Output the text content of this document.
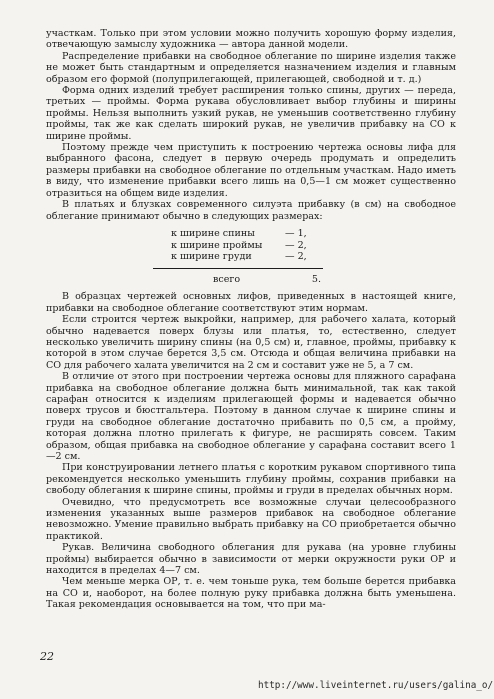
участкам. Только при этом условии можно получить хорошую форму изделия, отвечающую замыслу художника — автора данной модели.

Распределение прибавки на свободное облегание по ширине изделия также не может быть стандартным и определяется назначением изделия и главным образом его формой (полуприлегающей, прилегающей, свободной и т. д.)

Форма одних изделий требует расширения только спины, других — переда, третьих — проймы. Форма рукава обусловливает выбор глубины и ширины проймы. Нельзя выполнить узкий рукав, не уменьшив соответственно глубину проймы, так же как сделать широкий рукав, не увеличив прибавку на СО к ширине проймы.

Поэтому прежде чем приступить к построению чертежа основы лифа для выбранного фасона, следует в первую очередь продумать и определить размеры прибавки на свободное облегание по отдельным участкам. Надо иметь в виду, что изменение прибавки всего лишь на 0,5—1 см может существенно отразиться на общем виде изделия.

В платьях и блузках современного силуэта прибавку (в см) на свободное облегание принимают обычно в следующих размерах:

к ширине спины	— 1,
к ширине проймы — 2,
к ширине груди	— 2,
всего	5.

В образцах чертежей основных лифов, приведенных в настоящей книге, прибавки на свободное облегание соответствуют этим нормам.

Если строится чертеж выкройки, например, для рабочего халата, который обычно надевается поверх блузы или платья, то, естественно, следует несколько увеличить ширину спины (на 0,5 см) и, главное, проймы, прибавку к которой в этом случае берется 3,5 см. Отсюда и общая величина прибавки на СО для рабочего халата увеличится на 2 см и составит уже не 5, а 7 см.

В отличие от этого при построении чертежа основы для пляжного сарафана прибавка на свободное облегание должна быть минимальной, так как такой сарафан относится к изделиям прилегающей формы и надевается обычно поверх трусов и бюстгальтера. Поэтому в данном случае к ширине спины и груди на свободное облегание достаточно прибавить по 0,5 см, а пройму, которая должна плотно прилегать к фигуре, не расширять совсем. Таким образом, общая прибавка на свободное облегание у сарафана составит всего 1—2 см.

При конструировании летнего платья с коротким рукавом спортивного типа рекомендуется несколько уменьшить глубину проймы, сохранив прибавки на свободу облегания к ширине спины, проймы и груди в пределах обычных норм.

Очевидно, что предусмотреть все возможные случаи целесообразного изменения указанных выше размеров прибавок на свободное облегание невозможно. Умение правильно выбрать прибавку на СО приобретается обычно практикой.

Рукав. Величина свободного облегания для рукава (на уровне глубины проймы) выбирается обычно в зависимости от мерки окружности руки ОР и находится в пределах 4—7 см.

Чем меньше мерка ОР, т. е. чем тоньше рука, тем больше берется прибавка на СО и, наоборот, на более полную руку прибавка должна быть уменьшена. Такая рекомендация основывается на том, что при ма-

22
http://www.liveinternet.ru/users/galina_o/
